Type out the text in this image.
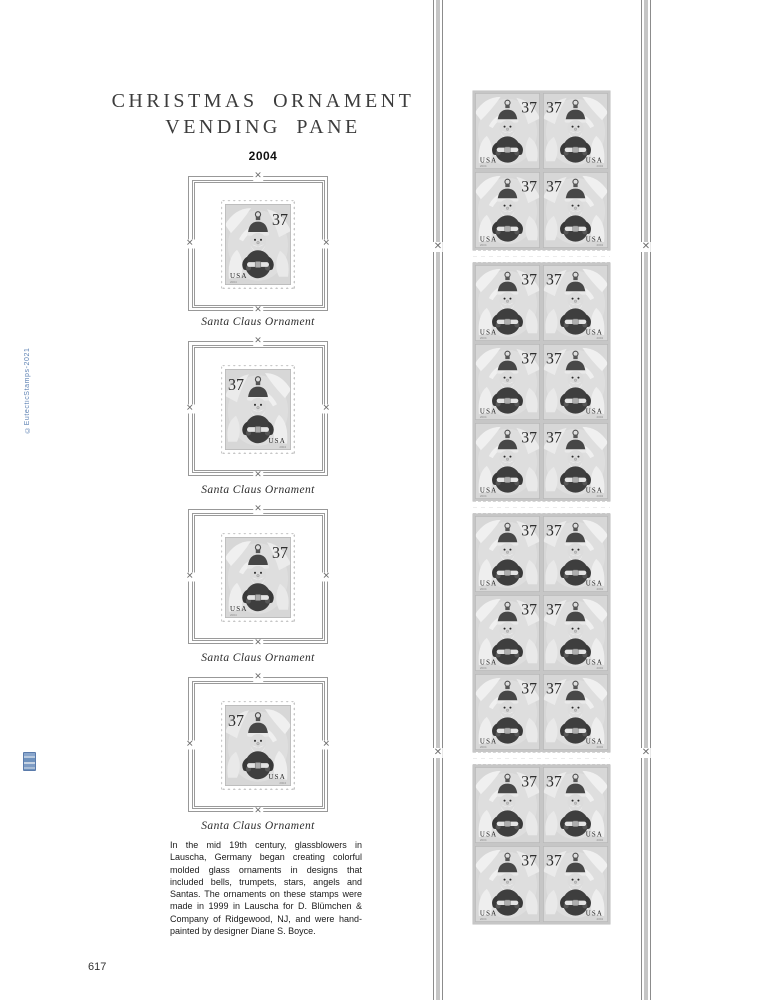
CHRISTMAS ORNAMENT
VENDING PANE
2004
©EutecticStamps-2021
✕
✕
✕	✕
37
USA
2004
Santa Claus Ornament
✕
✕
✕	✕
37
USA
2004
Santa Claus Ornament
✕
✕
✕	✕
37
USA
2004
Santa Claus Ornament
✕
✕
✕	✕
37
USA
2004
Santa Claus Ornament
In the mid 19th century, glassblowers in Lauscha, Germany began creating colorful molded glass ornaments in designs that included bells, trumpets, stars, angels and Santas. The ornaments on these stamps were made in 1999 in Lauscha for D. Blümchen & Company of Ridgewood, NJ, and were hand-painted by designer Diane S. Boyce.
617
✕
✕
✕
✕
37
USA
2004
37
USA
2004
37
USA
2004
37
USA
2004
37
USA
2004
37
USA
2004
37
USA
2004
37
USA
2004
37
USA
2004
37
USA
2004
37
USA
2004
37
USA
2004
37
USA
2004
37
USA
2004
37
USA
2004
37
USA
2004
37
USA
2004
37
USA
2004
37
USA
2004
37
USA
2004
